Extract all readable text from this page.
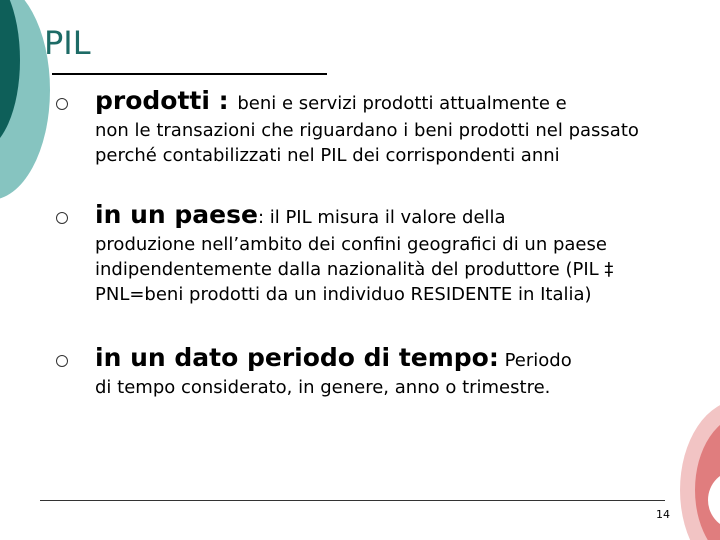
PIL
prodotti : beni e servizi prodotti attualmente e
non le transazioni che riguardano i beni prodotti nel passato perché contabilizzati nel PIL dei corrispondenti anni
in un paese: il PIL misura il valore della
produzione nell’ambito dei confini geografici di un paese indipendentemente dalla nazionalità del produttore (PIL ‡ PNL=beni prodotti da un individuo RESIDENTE in Italia)
in un dato periodo di tempo: Periodo
di tempo considerato, in genere, anno o trimestre.
14
